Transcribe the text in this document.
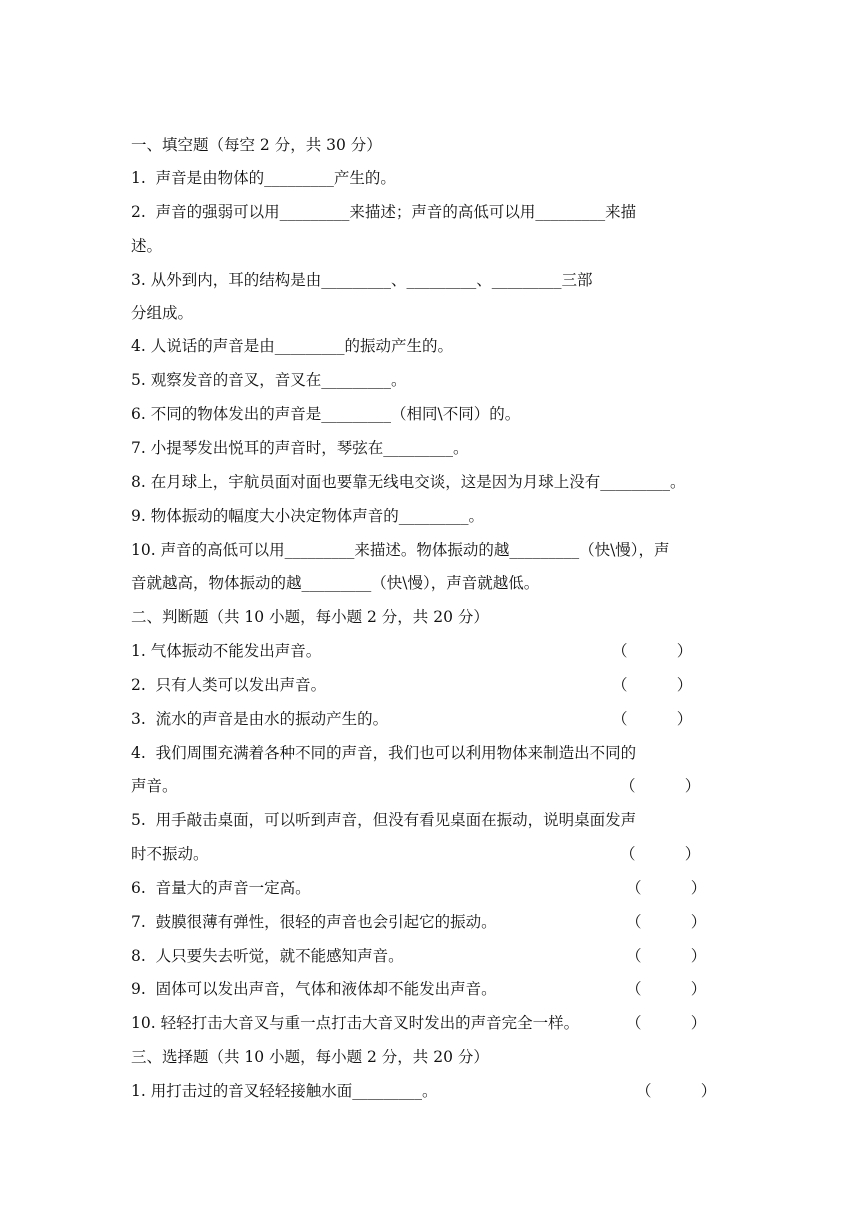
一、填空题（每空 2 分，共 30 分）
1.  声音是由物体的_________产生的。
2.  声音的强弱可以用_________来描述；声音的高低可以用_________来描
述。
3. 从外到内，耳的结构是由_________、_________、_________三部
分组成。
4. 人说话的声音是由_________的振动产生的。
5. 观察发音的音叉，音叉在_________。
6. 不同的物体发出的声音是_________（相同\不同）的。
7. 小提琴发出悦耳的声音时，琴弦在_________。
8. 在月球上，宇航员面对面也要靠无线电交谈，这是因为月球上没有_________。
9. 物体振动的幅度大小决定物体声音的_________。
10. 声音的高低可以用_________来描述。物体振动的越_________（快\慢），声
音就越高，物体振动的越_________（快\慢），声音就越低。
二、判断题（共 10 小题，每小题 2 分，共 20 分）
1. 气体振动不能发出声音。	（          ）
2.  只有人类可以发出声音。	（          ）
3.  流水的声音是由水的振动产生的。	（          ）
4.  我们周围充满着各种不同的声音，我们也可以利用物体来制造出不同的
声音。	（          ）
5.  用手敲击桌面，可以听到声音，但没有看见桌面在振动，说明桌面发声
时不振动。	（          ）
6.  音量大的声音一定高。	（          ）
7.  鼓膜很薄有弹性，很轻的声音也会引起它的振动。	（          ）
8.  人只要失去听觉，就不能感知声音。	（          ）
9.  固体可以发出声音，气体和液体却不能发出声音。	（          ）
10. 轻轻打击大音叉与重一点打击大音叉时发出的声音完全一样。	（          ）
三、选择题（共 10 小题，每小题 2 分，共 20 分）
1. 用打击过的音叉轻轻接触水面_________。	（          ）
